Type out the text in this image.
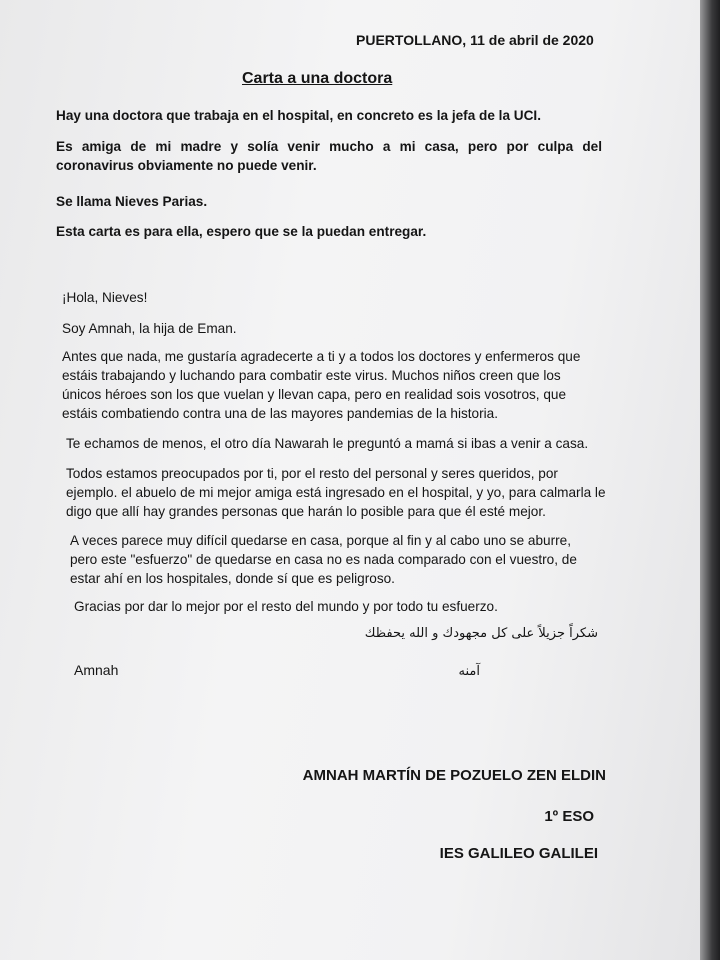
PUERTOLLANO, 11 de abril de 2020
Carta a una doctora
Hay una doctora que trabaja en el hospital, en concreto es la jefa de la UCI.
Es amiga de mi madre y solía venir mucho a mi casa, pero por culpa del coronavirus obviamente no puede venir.
Se llama Nieves Parias.
Esta carta es para ella, espero que se la puedan entregar.
¡Hola, Nieves!
Soy Amnah, la hija de Eman.
Antes que nada, me gustaría agradecerte a ti y a todos los doctores y enfermeros que estáis trabajando y luchando para combatir este virus. Muchos niños creen que los únicos héroes son los que vuelan y llevan capa, pero en realidad sois vosotros, que estáis combatiendo contra una de las mayores pandemias de la historia.
Te echamos de menos, el otro día Nawarah le preguntó a mamá si ibas a venir a casa.
Todos estamos preocupados por ti, por el resto del personal y seres queridos, por ejemplo. el abuelo de mi mejor amiga está ingresado en el hospital, y yo, para calmarla le digo que allí hay grandes personas que harán lo posible para que él esté mejor.
A veces parece muy difícil quedarse en casa, porque al fin y al cabo uno se aburre, pero este "esfuerzo" de quedarse en casa no es nada comparado con el vuestro, de estar ahí en los hospitales, donde sí que es peligroso.
Gracias por dar lo mejor por el resto del mundo y por todo tu esfuerzo.
شكراً جزيلاً على كل مجهودك و الله يحفظك
Amnah	آمنه
AMNAH MARTÍN DE POZUELO ZEN ELDIN
1º ESO
IES GALILEO GALILEI
